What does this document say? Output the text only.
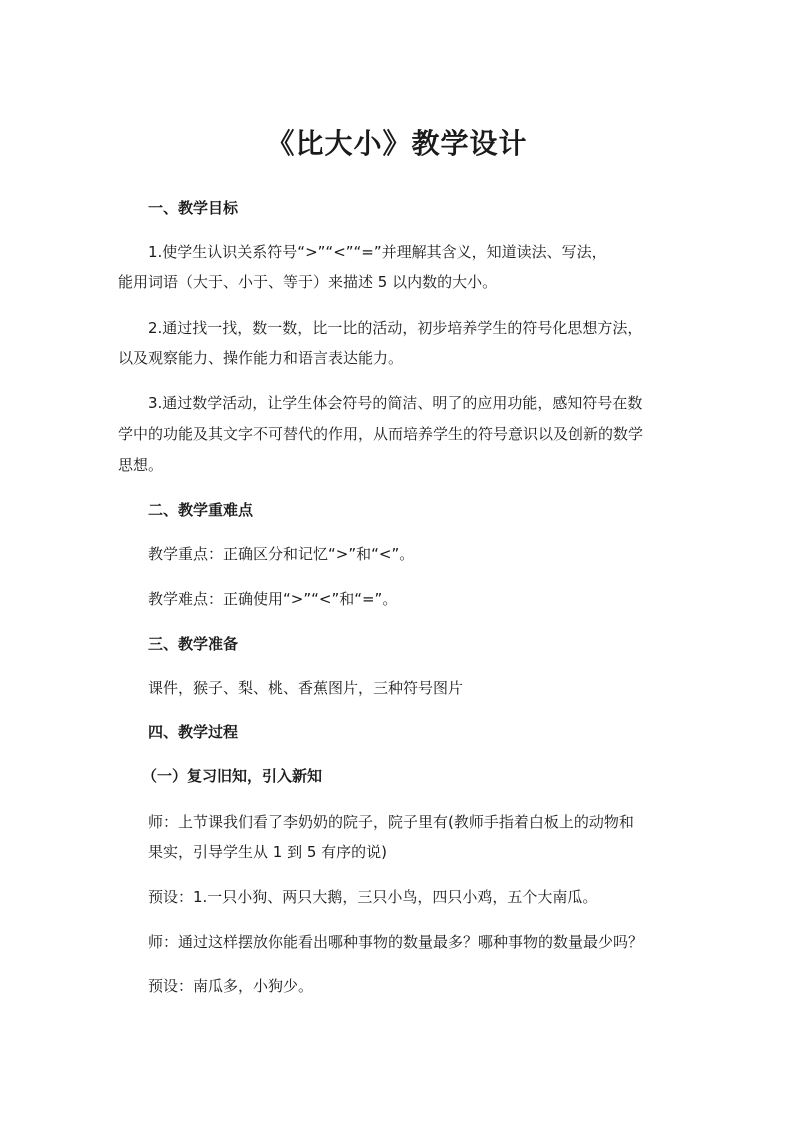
《比大小》教学设计

一、教学目标

1.使学生认识关系符号“>”“<”“=”并理解其含义，知道读法、写法，

能用词语（大于、小于、等于）来描述 5 以内数的大小。

2.通过找一找，数一数，比一比的活动，初步培养学生的符号化思想方法，

以及观察能力、操作能力和语言表达能力。

3.通过数学活动，让学生体会符号的简洁、明了的应用功能，感知符号在数

学中的功能及其文字不可替代的作用，从而培养学生的符号意识以及创新的数学

思想。

二、教学重难点

教学重点：正确区分和记忆“>”和“<”。

教学难点：正确使用“>”“<”和“=”。

三、教学准备

课件，猴子、梨、桃、香蕉图片，三种符号图片

四、教学过程

（一）复习旧知，引入新知

师：上节课我们看了李奶奶的院子，院子里有(教师手指着白板上的动物和

果实，引导学生从 1 到 5 有序的说)

预设：1.一只小狗、两只大鹅，三只小鸟，四只小鸡，五个大南瓜。

师：通过这样摆放你能看出哪种事物的数量最多？哪种事物的数量最少吗？

预设：南瓜多，小狗少。
